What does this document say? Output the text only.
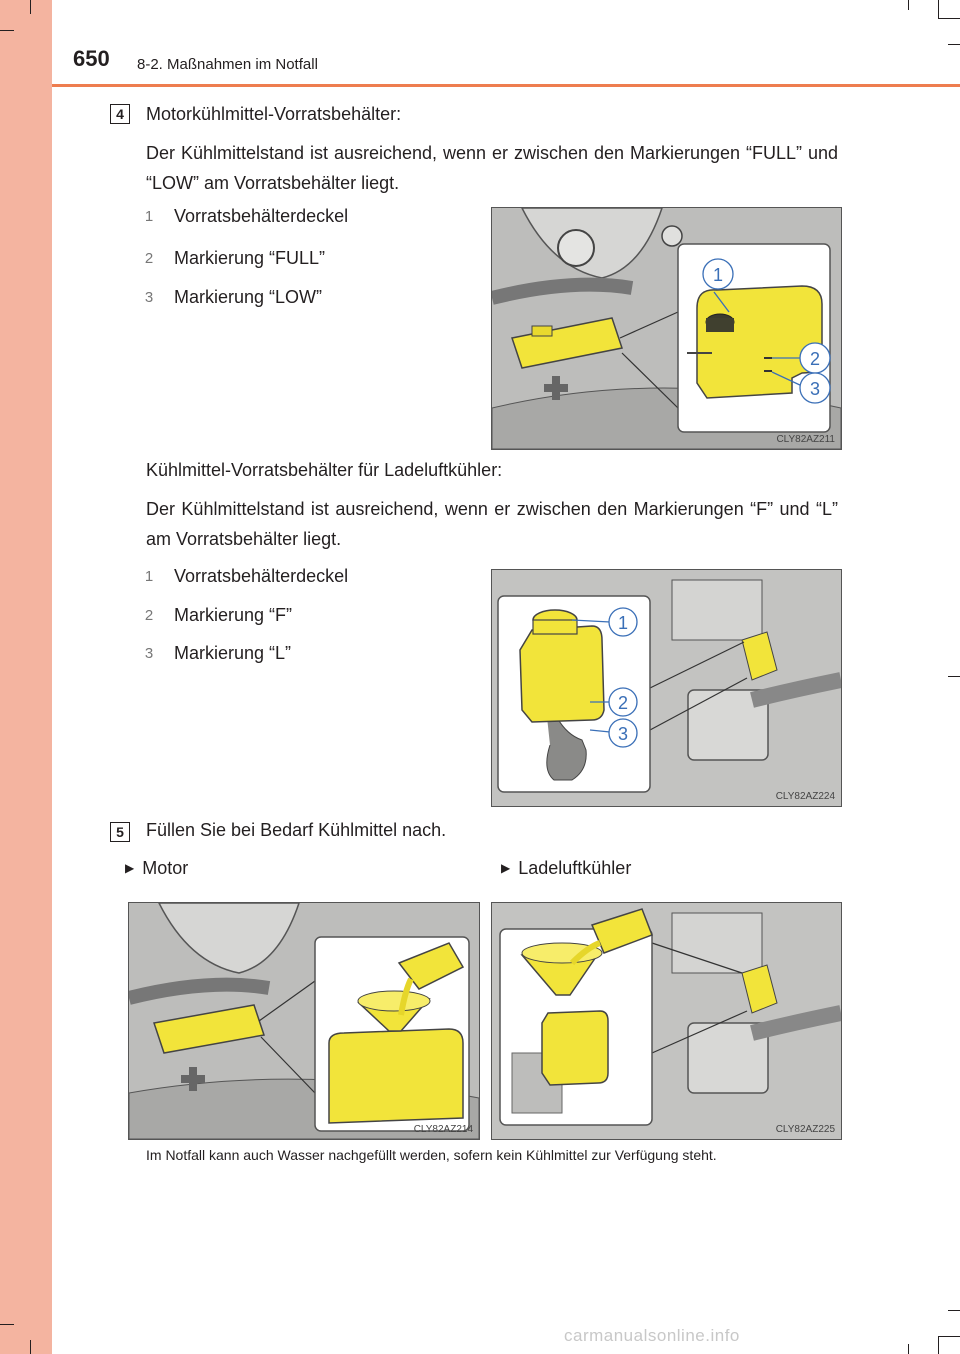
650 8-2. Maßnahmen im Notfall
4	Motorkühlmittel-Vorratsbehälter:
Der Kühlmittelstand ist ausreichend, wenn er zwischen den Markierungen “FULL” und “LOW” am Vorratsbehälter liegt.
1	Vorratsbehälterdeckel
2	Markierung “FULL”
3	Markierung “LOW”
1
2
3
CLY82AZ211
Kühlmittel-Vorratsbehälter für Ladeluftkühler:
Der Kühlmittelstand ist ausreichend, wenn er zwischen den Markierungen “F” und “L” am Vorratsbehälter liegt.
1	Vorratsbehälterdeckel
2	Markierung “F”
3	Markierung “L”
1
2
3
CLY82AZ224
5	Füllen Sie bei Bedarf Kühlmittel nach.
▶ Motor	▶ Ladeluftkühler
CLY82AZ214	CLY82AZ225
Im Notfall kann auch Wasser nachgefüllt werden, sofern kein Kühlmittel zur Verfügung steht.
carmanualsonline.info
